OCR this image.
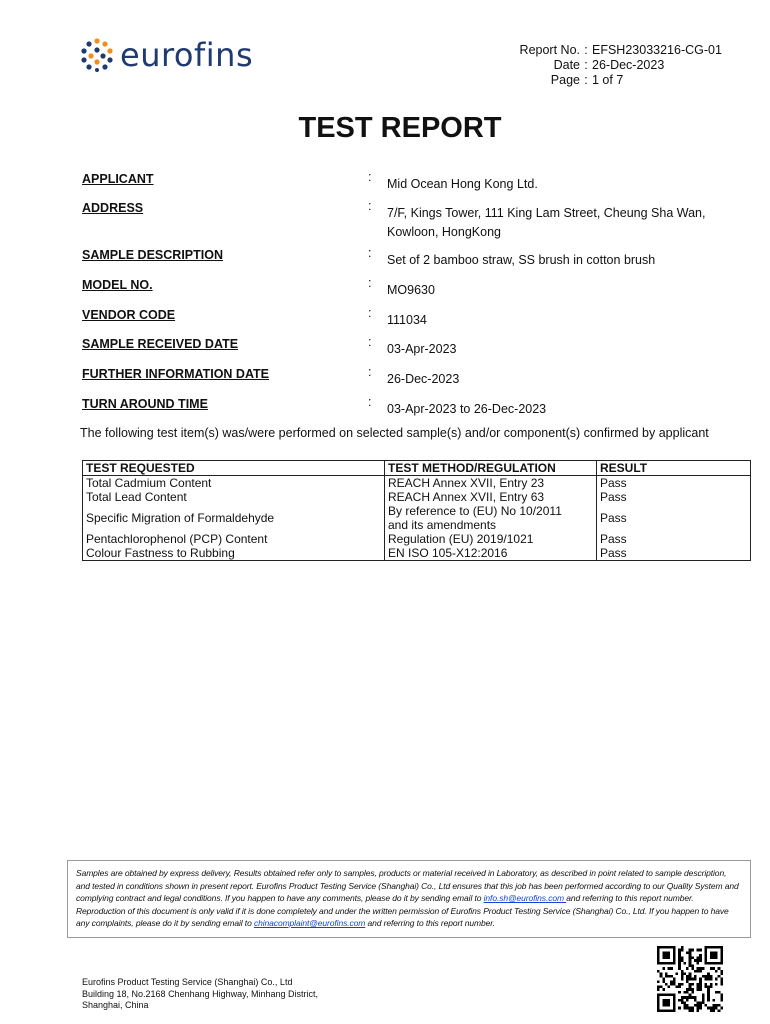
eurofins	Report No. : EFSH23033216-CG-01
Date : 26-Dec-2023
Page : 1 of 7
TEST REPORT
APPLICANT	: Mid Ocean Hong Kong Ltd.
ADDRESS	: 7/F, Kings Tower, 111 King Lam Street, Cheung Sha Wan,
Kowloon, HongKong
SAMPLE DESCRIPTION	: Set of 2 bamboo straw, SS brush in cotton brush
MODEL NO.	: MO9630
VENDOR CODE	: 111034
SAMPLE RECEIVED DATE	: 03-Apr-2023
FURTHER INFORMATION DATE	: 26-Dec-2023
TURN AROUND TIME	: 03-Apr-2023 to 26-Dec-2023
The following test item(s) was/were performed on selected sample(s) and/or component(s) confirmed by applicant
TEST REQUESTED	TEST METHOD/REGULATION	RESULT
Total Cadmium Content	REACH Annex XVII, Entry 23	Pass
Total Lead Content	REACH Annex XVII, Entry 63	Pass
Specific Migration of Formaldehyde	By reference to (EU) No 10/2011
and its amendments	Pass
Pentachlorophenol (PCP) Content	Regulation (EU) 2019/1021	Pass
Colour Fastness to Rubbing	EN ISO 105-X12:2016	Pass
Samples are obtained by express delivery, Results obtained refer only to samples, products or material received in Laboratory, as described in point related to sample description, and tested in conditions shown in present report. Eurofins Product Testing Service (Shanghai) Co., Ltd ensures that this job has been performed according to our Quality System and complying contract and legal conditions. If you happen to have any comments, please do it by sending email to info.sh@eurofins.com and referring to this report number. Reproduction of this document is only valid if it is done completely and under the written permission of Eurofins Product Testing Service (Shanghai) Co., Ltd. If you happen to have any complaints, please do it by sending email to chinacomplaint@eurofins.com and referring to this report number.
Eurofins Product Testing Service (Shanghai) Co., Ltd
Building 18, No.2168 Chenhang Highway, Minhang District,
Shanghai, China
